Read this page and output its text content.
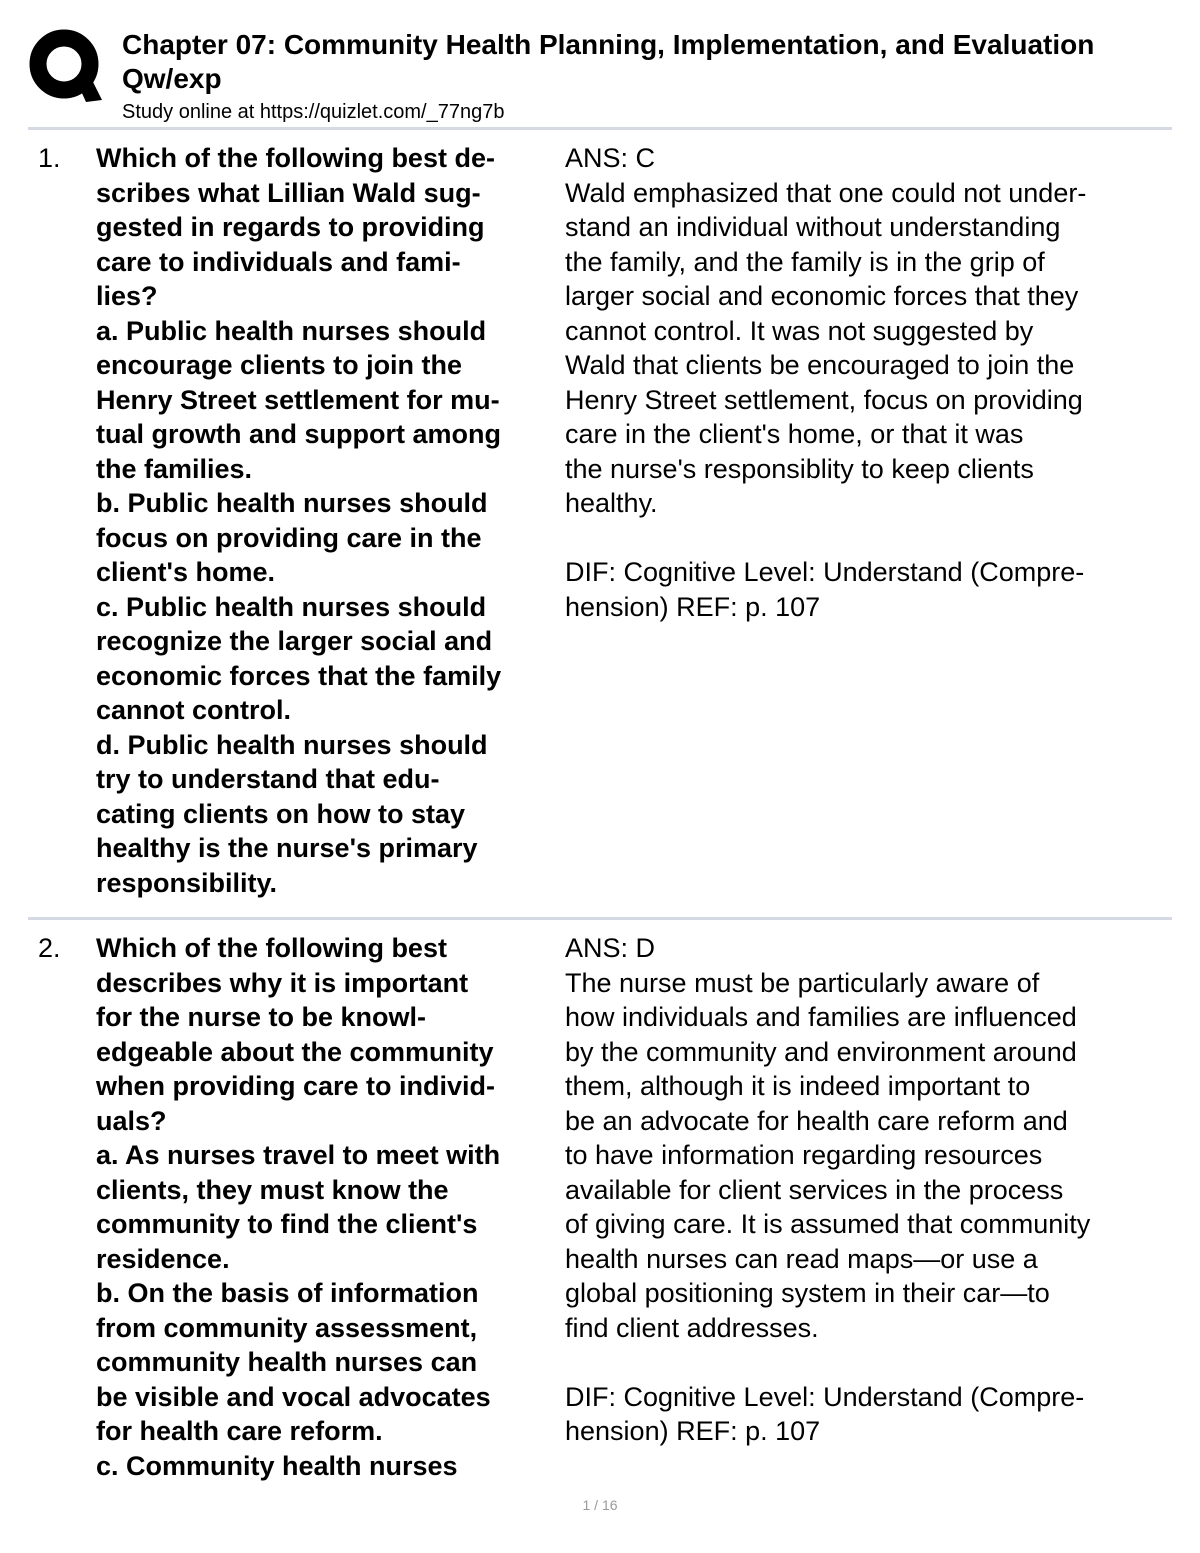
Chapter 07: Community Health Planning, Implementation, and Evaluation
Qw/exp
Study online at https://quizlet.com/_77ng7b
1. Which of the following best de-
scribes what Lillian Wald sug-
gested in regards to providing
care to individuals and fami-
lies?
a. Public health nurses should
encourage clients to join the
Henry Street settlement for mu-
tual growth and support among
the families.
b. Public health nurses should
focus on providing care in the
client's home.
c. Public health nurses should
recognize the larger social and
economic forces that the family
cannot control.
d. Public health nurses should
try to understand that edu-
cating clients on how to stay
healthy is the nurse's primary
responsibility.
ANS: C
Wald emphasized that one could not under-
stand an individual without understanding
the family, and the family is in the grip of
larger social and economic forces that they
cannot control. It was not suggested by
Wald that clients be encouraged to join the
Henry Street settlement, focus on providing
care in the client's home, or that it was
the nurse's responsiblity to keep clients
healthy.
DIF: Cognitive Level: Understand (Compre-
hension) REF: p. 107
2. Which of the following best
describes why it is important
for the nurse to be knowl-
edgeable about the community
when providing care to individ-
uals?
a. As nurses travel to meet with
clients, they must know the
community to find the client's
residence.
b. On the basis of information
from community assessment,
community health nurses can
be visible and vocal advocates
for health care reform.
c. Community health nurses
ANS: D
The nurse must be particularly aware of
how individuals and families are influenced
by the community and environment around
them, although it is indeed important to
be an advocate for health care reform and
to have information regarding resources
available for client services in the process
of giving care. It is assumed that community
health nurses can read maps—or use a
global positioning system in their car—to
find client addresses.
DIF: Cognitive Level: Understand (Compre-
hension) REF: p. 107
1 / 16
